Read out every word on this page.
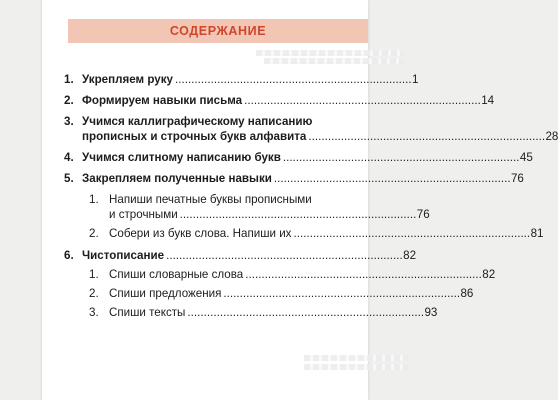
СОДЕРЖАНИЕ
1. Укрепляем руку . . .	1
2. Формируем навыки письма . . .	14
3. Учимся каллиграфическому написанию
прописных и строчных букв алфавита . . .	28
4. Учимся слитному написанию букв . . .	45
5. Закрепляем полученные навыки . . .	76
1. Напиши печатные буквы прописными
и строчными . . .	76
2. Собери из букв слова. Напиши их . . .	81
6. Чистописание . . .	82
1. Спиши словарные слова . . .	82
2. Спиши предложения . . .	86
3. Спиши тексты . . .	93
